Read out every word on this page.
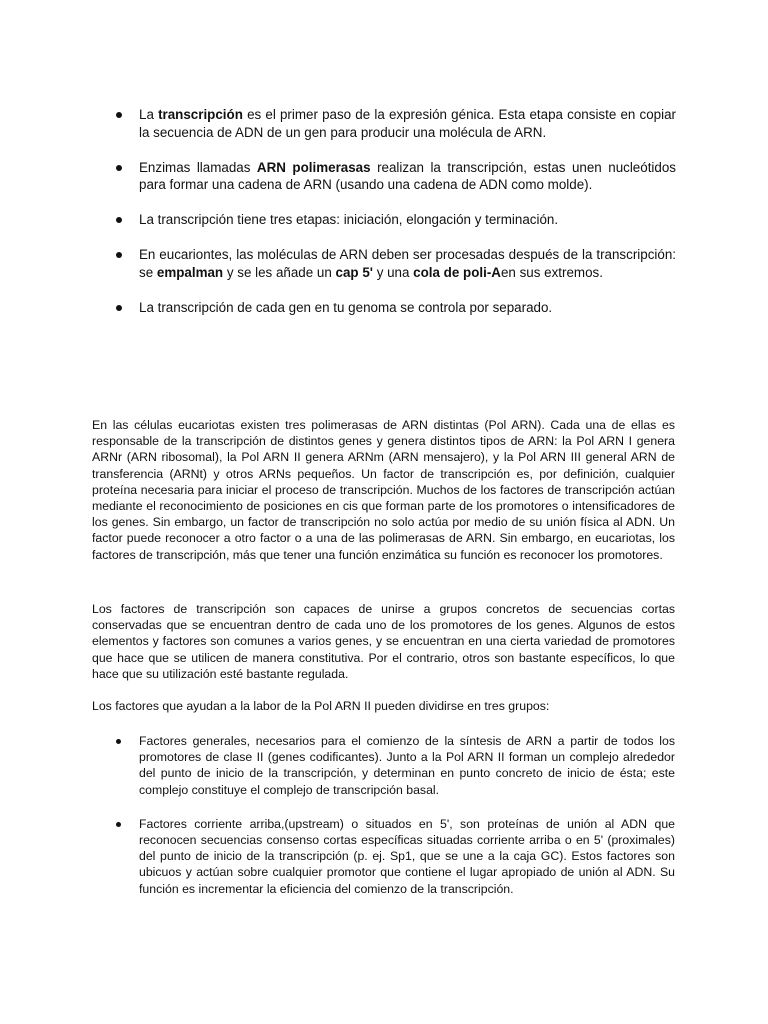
La transcripción es el primer paso de la expresión génica. Esta etapa consiste en copiar la secuencia de ADN de un gen para producir una molécula de ARN.
Enzimas llamadas ARN polimerasas realizan la transcripción, estas unen nucleótidos para formar una cadena de ARN (usando una cadena de ADN como molde).
La transcripción tiene tres etapas: iniciación, elongación y terminación.
En eucariontes, las moléculas de ARN deben ser procesadas después de la transcripción: se empalman y se les añade un cap 5' y una cola de poli-Aen sus extremos.
La transcripción de cada gen en tu genoma se controla por separado.

En las células eucariotas existen tres polimerasas de ARN distintas (Pol ARN). Cada una de ellas es responsable de la transcripción de distintos genes y genera distintos tipos de ARN: la Pol ARN I genera ARNr (ARN ribosomal), la Pol ARN II genera ARNm (ARN mensajero), y la Pol ARN III general ARN de transferencia (ARNt) y otros ARNs pequeños. Un factor de transcripción es, por definición, cualquier proteína necesaria para iniciar el proceso de transcripción. Muchos de los factores de transcripción actúan mediante el reconocimiento de posiciones en cis que forman parte de los promotores o intensificadores de los genes. Sin embargo, un factor de transcripción no solo actúa por medio de su unión física al ADN. Un factor puede reconocer a otro factor o a una de las polimerasas de ARN. Sin embargo, en eucariotas, los factores de transcripción, más que tener una función enzimática su función es reconocer los promotores.

Los factores de transcripción son capaces de unirse a grupos concretos de secuencias cortas conservadas que se encuentran dentro de cada uno de los promotores de los genes. Algunos de estos elementos y factores son comunes a varios genes, y se encuentran en una cierta variedad de promotores que hace que se utilicen de manera constitutiva. Por el contrario, otros son bastante específicos, lo que hace que su utilización esté bastante regulada.

Los factores que ayudan a la labor de la Pol ARN II pueden dividirse en tres grupos:

Factores generales, necesarios para el comienzo de la síntesis de ARN a partir de todos los promotores de clase II (genes codificantes). Junto a la Pol ARN II forman un complejo alrededor del punto de inicio de la transcripción, y determinan en punto concreto de inicio de ésta; este complejo constituye el complejo de transcripción basal.
Factores corriente arriba,(upstream) o situados en 5', son proteínas de unión al ADN que reconocen secuencias consenso cortas específicas situadas corriente arriba o en 5' (proximales) del punto de inicio de la transcripción (p. ej. Sp1, que se une a la caja GC). Estos factores son ubicuos y actúan sobre cualquier promotor que contiene el lugar apropiado de unión al ADN. Su función es incrementar la eficiencia del comienzo de la transcripción.
